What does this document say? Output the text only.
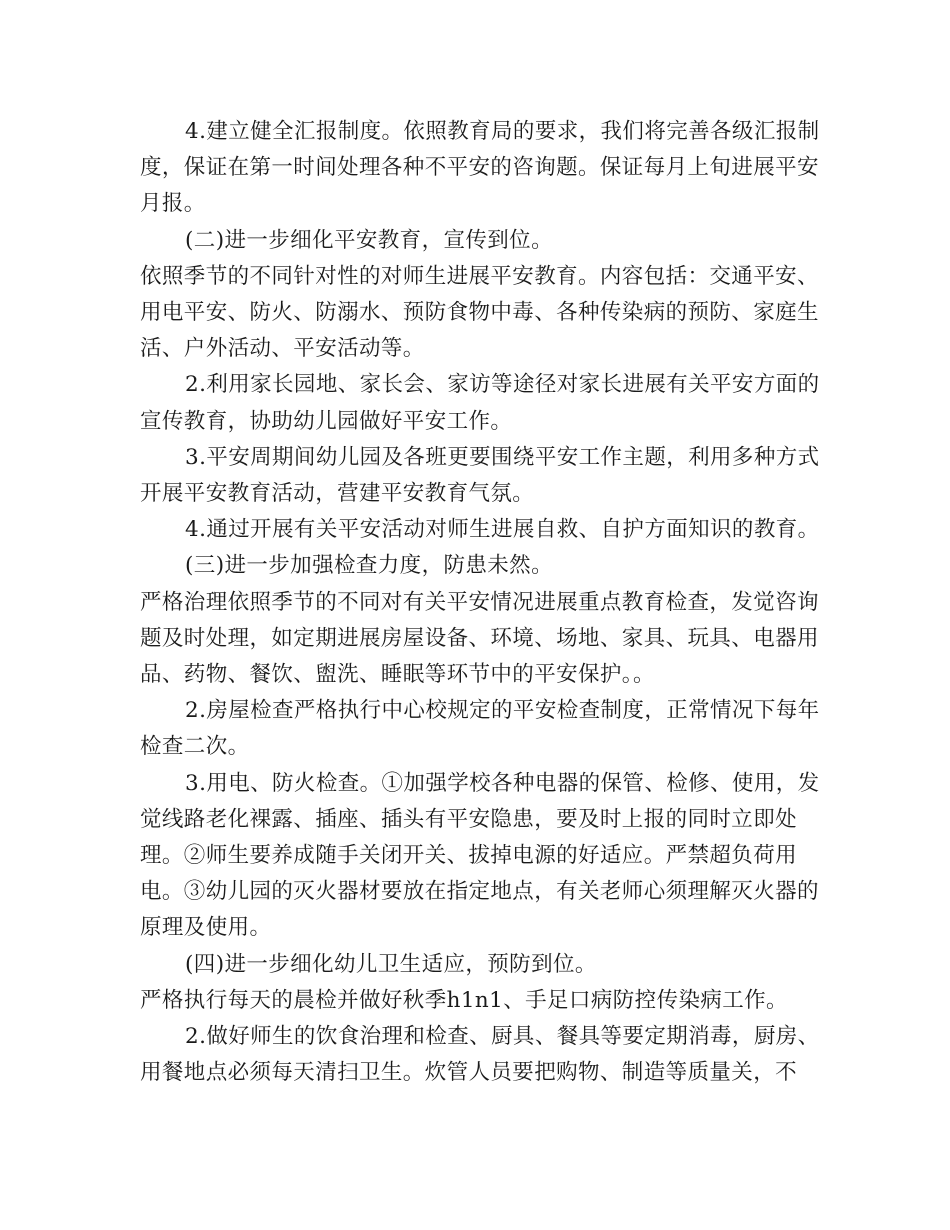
4.建立健全汇报制度。依照教育局的要求，我们将完善各级汇报制度，保证在第一时间处理各种不平安的咨询题。保证每月上旬进展平安月报。

(二)进一步细化平安教育，宣传到位。

依照季节的不同针对性的对师生进展平安教育。内容包括：交通平安、用电平安、防火、防溺水、预防食物中毒、各种传染病的预防、家庭生活、户外活动、平安活动等。

2.利用家长园地、家长会、家访等途径对家长进展有关平安方面的宣传教育，协助幼儿园做好平安工作。

3.平安周期间幼儿园及各班更要围绕平安工作主题，利用多种方式开展平安教育活动，营建平安教育气氛。

4.通过开展有关平安活动对师生进展自救、自护方面知识的教育。

(三)进一步加强检查力度，防患未然。

严格治理依照季节的不同对有关平安情况进展重点教育检查，发觉咨询题及时处理，如定期进展房屋设备、环境、场地、家具、玩具、电器用品、药物、餐饮、盥洗、睡眠等环节中的平安保护。。

2.房屋检查严格执行中心校规定的平安检查制度，正常情况下每年检查二次。

3.用电、防火检查。①加强学校各种电器的保管、检修、使用，发觉线路老化裸露、插座、插头有平安隐患，要及时上报的同时立即处理。②师生要养成随手关闭开关、拔掉电源的好适应。严禁超负荷用电。③幼儿园的灭火器材要放在指定地点，有关老师心须理解灭火器的原理及使用。

(四)进一步细化幼儿卫生适应，预防到位。

严格执行每天的晨检并做好秋季h1n1、手足口病防控传染病工作。

2.做好师生的饮食治理和检查、厨具、餐具等要定期消毒，厨房、用餐地点必须每天清扫卫生。炊管人员要把购物、制造等质量关，不
